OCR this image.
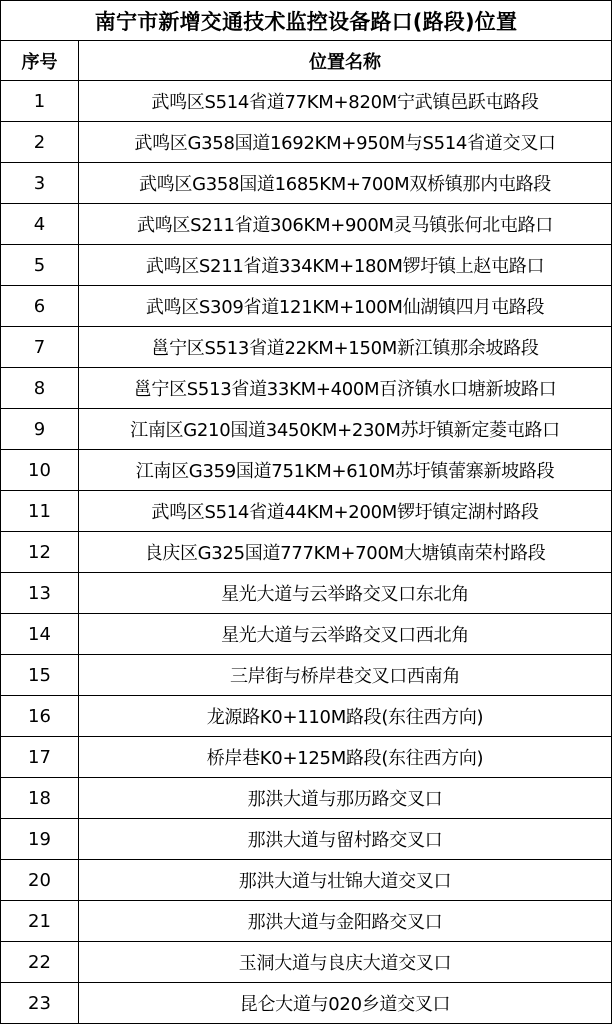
南宁市新增交通技术监控设备路口(路段)位置	
序号	位置名称
1	武鸣区S514省道77KM+820M宁武镇邑跃屯路段
2	武鸣区G358国道1692KM+950M与S514省道交叉口
3	武鸣区G358国道1685KM+700M双桥镇那内屯路段
4	武鸣区S211省道306KM+900M灵马镇张何北屯路口
5	武鸣区S211省道334KM+180M锣圩镇上赵屯路口
6	武鸣区S309省道121KM+100M仙湖镇四月屯路段
7	邕宁区S513省道22KM+150M新江镇那余坡路段
8	邕宁区S513省道33KM+400M百济镇水口塘新坡路口
9	江南区G210国道3450KM+230M苏圩镇新定菱屯路口
10	江南区G359国道751KM+610M苏圩镇蕾寨新坡路段
11	武鸣区S514省道44KM+200M锣圩镇定湖村路段
12	良庆区G325国道777KM+700M大塘镇南荣村路段
13	星光大道与云举路交叉口东北角
14	星光大道与云举路交叉口西北角
15	三岸街与桥岸巷交叉口西南角
16	龙源路K0+110M路段(东往西方向)
17	桥岸巷K0+125M路段(东往西方向)
18	那洪大道与那历路交叉口
19	那洪大道与留村路交叉口
20	那洪大道与壮锦大道交叉口
21	那洪大道与金阳路交叉口
22	玉洞大道与良庆大道交叉口
23	昆仑大道与020乡道交叉口
